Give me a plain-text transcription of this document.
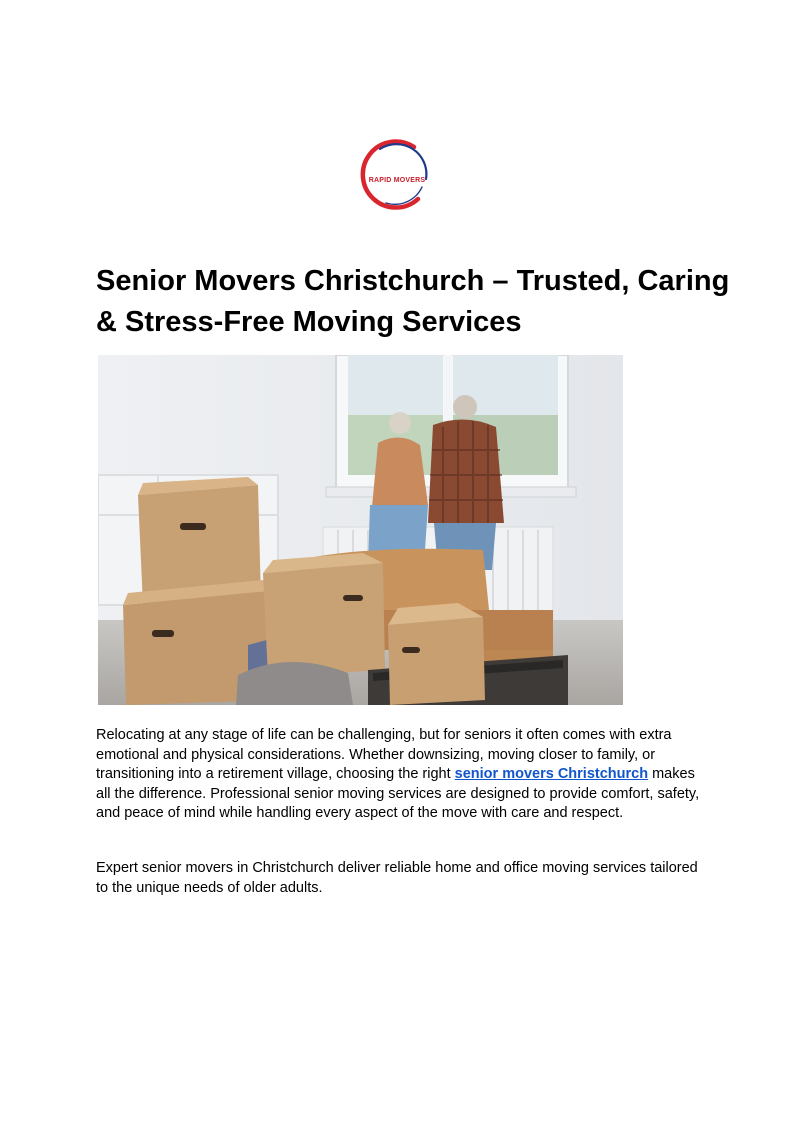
RAPID MOVERS
Senior Movers Christchurch – Trusted, Caring & Stress-Free Moving Services

Relocating at any stage of life can be challenging, but for seniors it often comes with extra emotional and physical considerations. Whether downsizing, moving closer to family, or transitioning into a retirement village, choosing the right senior movers Christchurch makes all the difference. Professional senior moving services are designed to provide comfort, safety, and peace of mind while handling every aspect of the move with care and respect.

Expert senior movers in Christchurch deliver reliable home and office moving services tailored to the unique needs of older adults.
